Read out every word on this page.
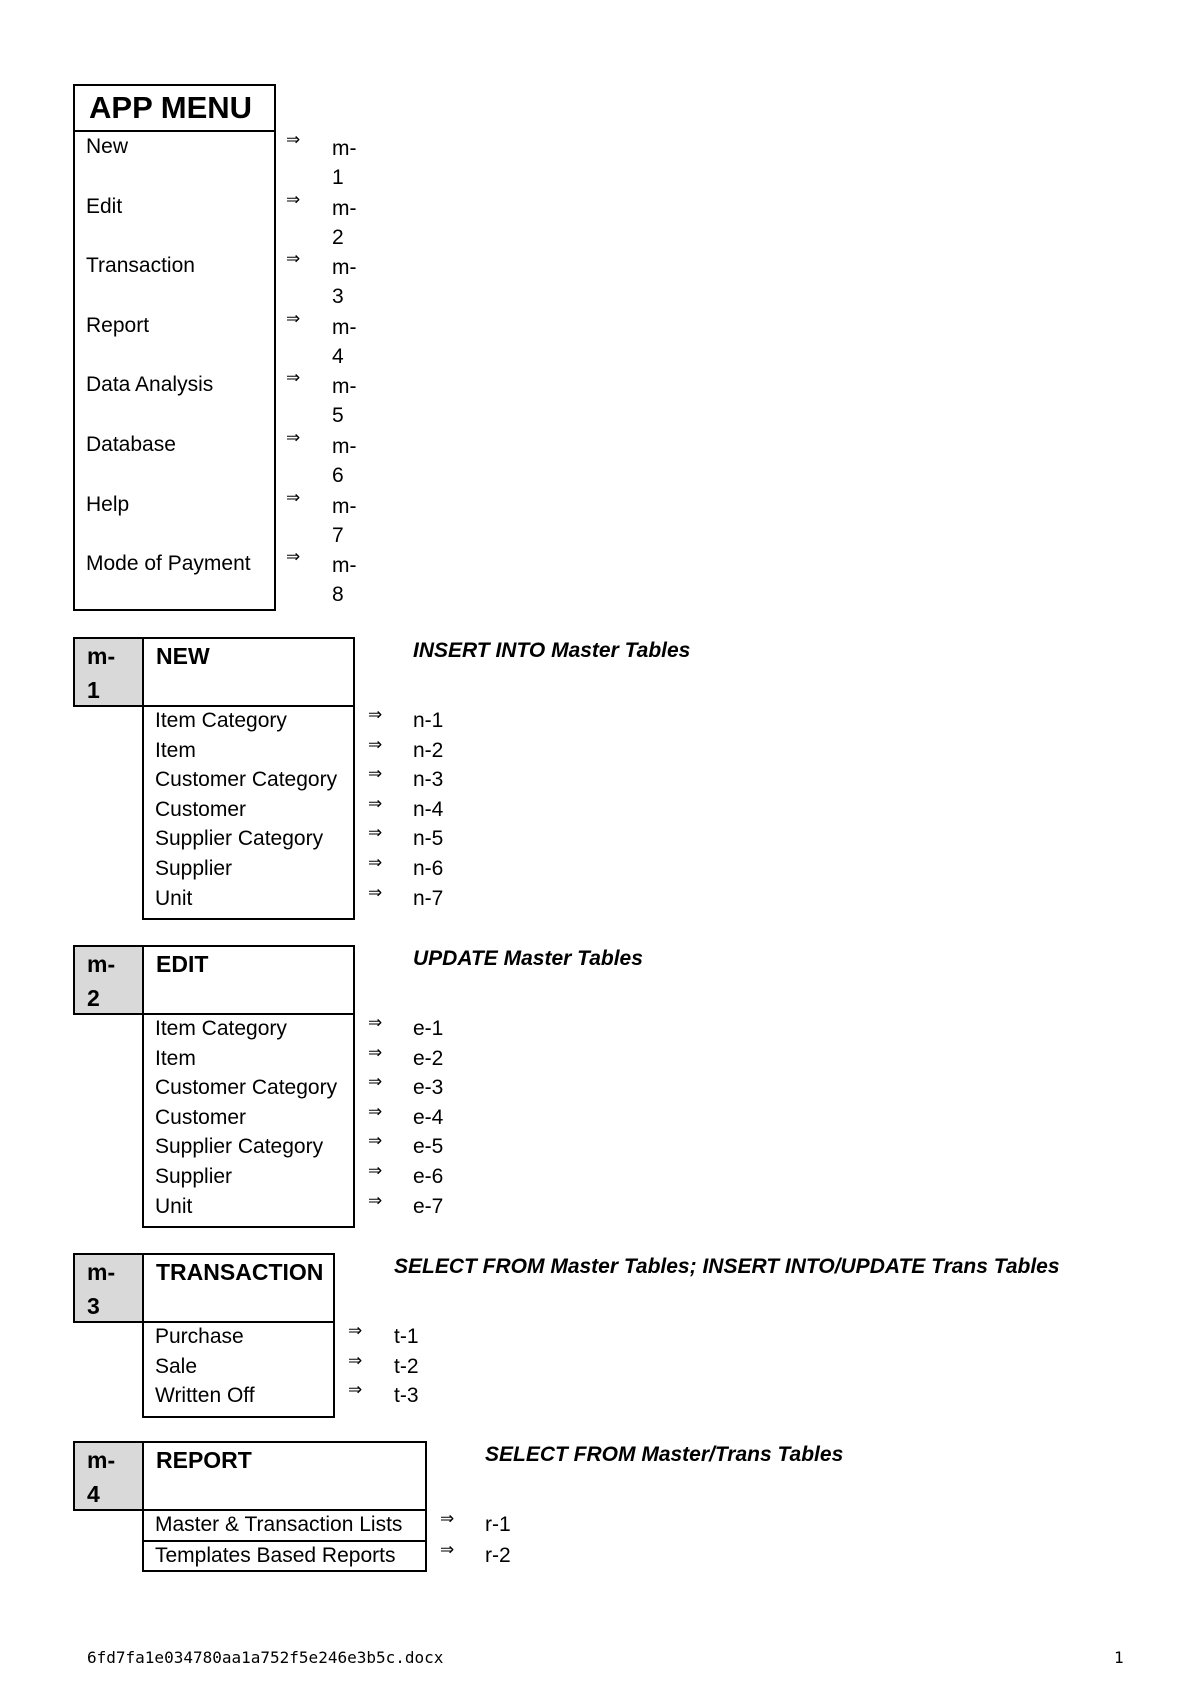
APP MENU
New	⇒ m-
1
Edit	⇒ m-
2
Transaction	⇒ m-
3
Report	⇒ m-
4
Data Analysis	⇒ m-
5
Database	⇒ m-
6
Help	⇒ m-
7
Mode of Payment ⇒ m-
8
m-
1
NEW	INSERT INTO Master Tables
Item Category	⇒ n-1
Item	⇒ n-2
Customer Category ⇒ n-3
Customer	⇒ n-4
Supplier Category	⇒ n-5
Supplier	⇒ n-6
Unit	⇒ n-7
m-
2
EDIT	UPDATE Master Tables
Item Category	⇒ e-1
Item	⇒ e-2
Customer Category ⇒ e-3
Customer	⇒ e-4
Supplier Category	⇒ e-5
Supplier	⇒ e-6
Unit	⇒ e-7
m-
3
TRANSACTION	SELECT FROM Master Tables; INSERT INTO/UPDATE Trans Tables
Purchase	⇒ t-1
Sale	⇒ t-2
Written Off	⇒ t-3
m-
4
REPORT	SELECT FROM Master/Trans Tables
Master & Transaction Lists ⇒ r-1
Templates Based Reports	⇒ r-2
6fd7fa1e034780aa1a752f5e246e3b5c.docx	1
